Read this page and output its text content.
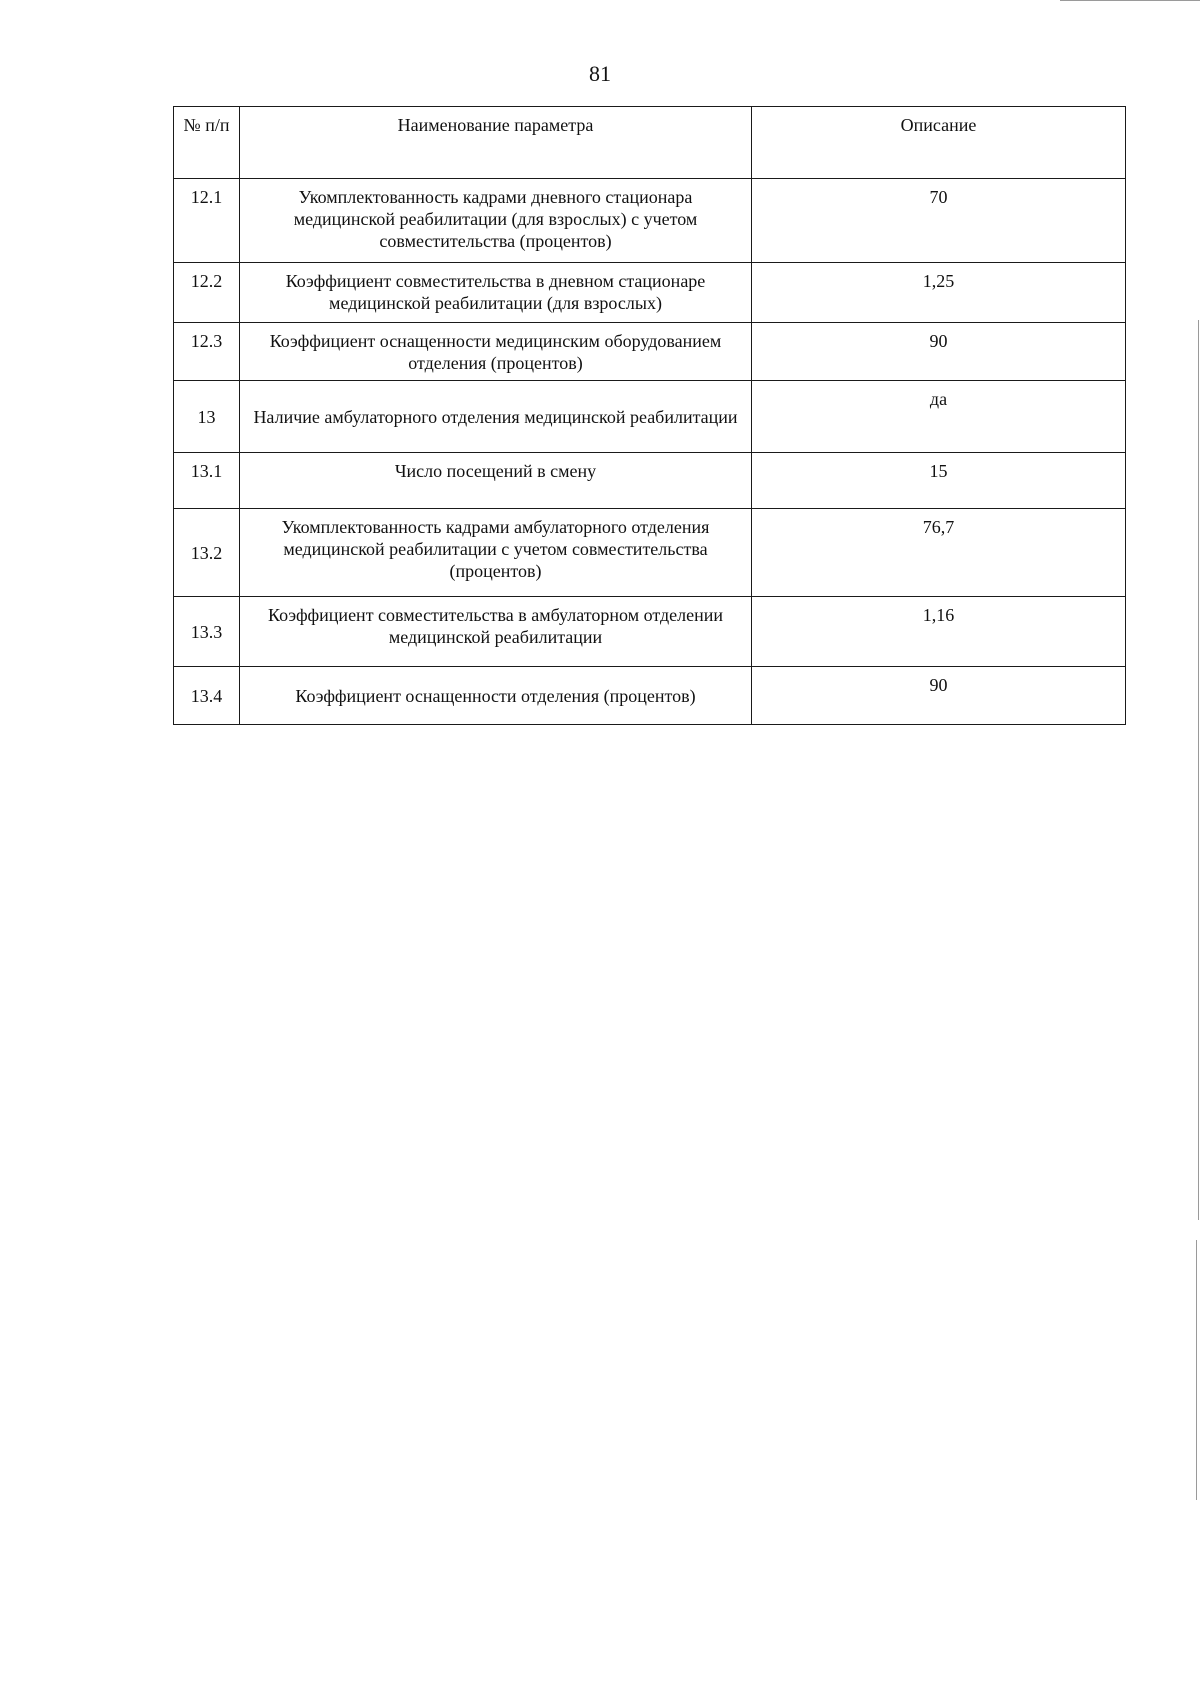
81
№ п/п	Наименование параметра	Описание
12.1	Укомплектованность кадрами дневного стационара медицинской реабилитации (для взрослых) с учетом совместительства (процентов)	70
12.2	Коэффициент совместительства в дневном стационаре медицинской реабилитации (для взрослых)	1,25
12.3	Коэффициент оснащенности медицинским оборудованием отделения (процентов)	90
13	Наличие амбулаторного отделения медицинской реабилитации	да
13.1	Число посещений в смену	15
13.2	Укомплектованность кадрами амбулаторного отделения медицинской реабилитации с учетом совместительства (процентов)	76,7
13.3	Коэффициент совместительства в амбулаторном отделении медицинской реабилитации	1,16
13.4	Коэффициент оснащенности отделения (процентов)	90
